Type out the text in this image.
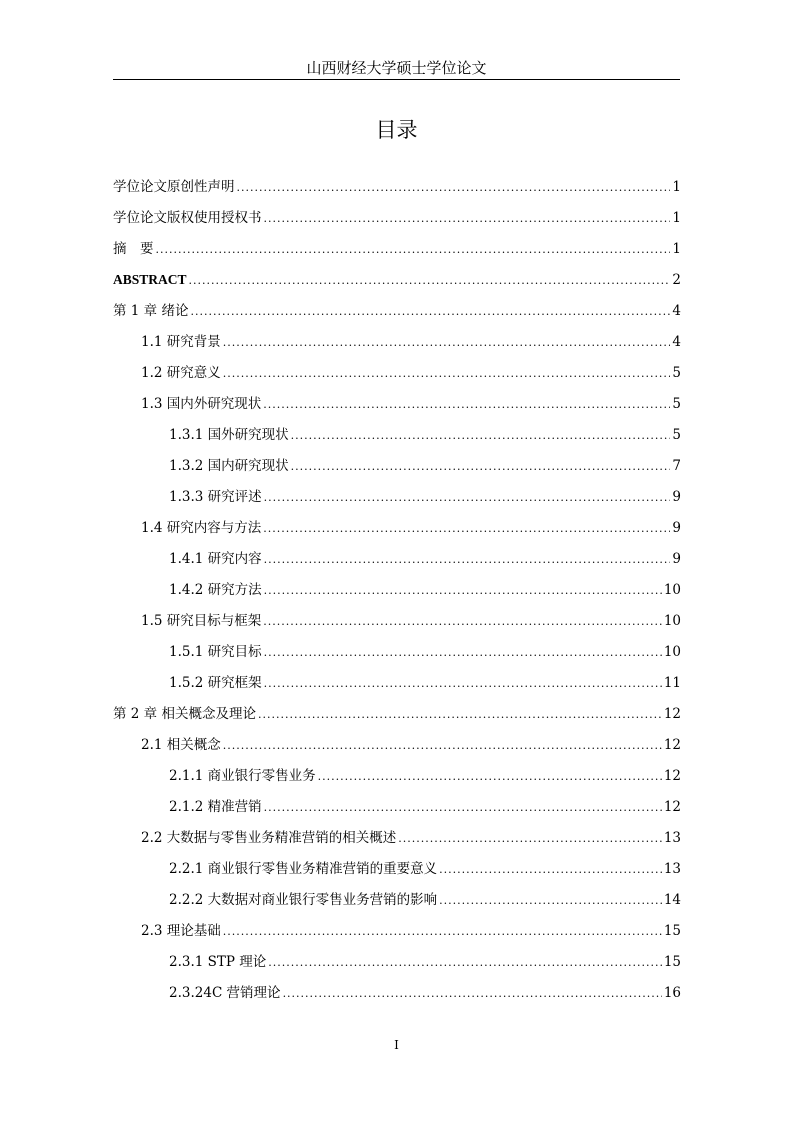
山西财经大学硕士学位论文
目录
学位论文原创性声明 .....	1
学位论文版权使用授权书 .....	1
摘　要 .....	1
ABSTRACT .....	2
第 1 章 绪论 .....	4
1.1 研究背景 .....	4
1.2 研究意义 .....	5
1.3 国内外研究现状 .....	5
1.3.1 国外研究现状 .....	5
1.3.2 国内研究现状 .....	7
1.3.3 研究评述 .....	9
1.4 研究内容与方法 .....	9
1.4.1 研究内容 .....	9
1.4.2 研究方法 .....	10
1.5 研究目标与框架 .....	10
1.5.1 研究目标 .....	10
1.5.2 研究框架 .....	11
第 2 章 相关概念及理论 .....	12
2.1 相关概念 .....	12
2.1.1 商业银行零售业务 .....	12
2.1.2 精准营销 .....	12
2.2 大数据与零售业务精准营销的相关概述 .....	13
2.2.1 商业银行零售业务精准营销的重要意义 .....	13
2.2.2 大数据对商业银行零售业务营销的影响 .....	14
2.3 理论基础 .....	15
2.3.1 STP 理论 .....	15
2.3.24C 营销理论 .....	16
I
